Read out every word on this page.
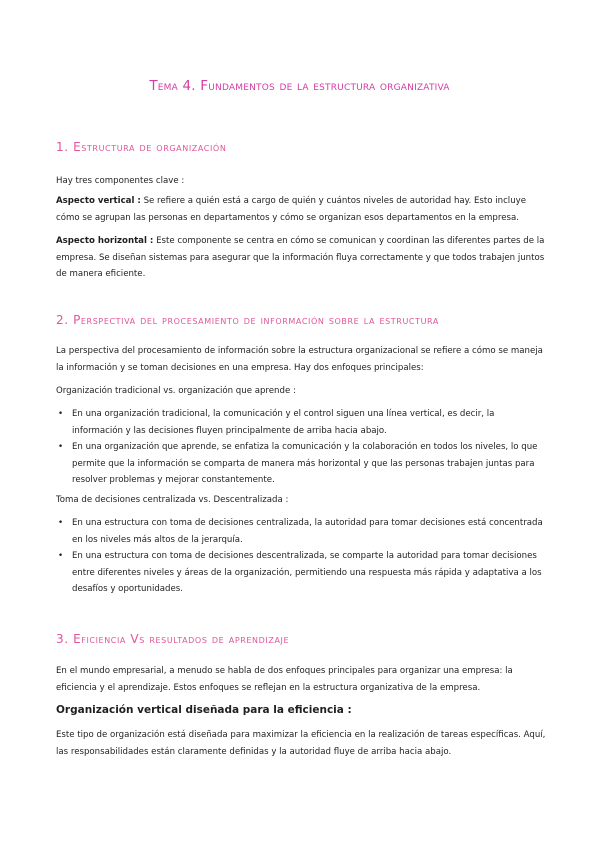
Tema 4. Fundamentos de la estructura organizativa
1. Estructura de organización
Hay tres componentes clave :
Aspecto vertical : Se refiere a quién está a cargo de quién y cuántos niveles de autoridad hay. Esto incluye cómo se agrupan las personas en departamentos y cómo se organizan esos departamentos en la empresa.
Aspecto horizontal : Este componente se centra en cómo se comunican y coordinan las diferentes partes de la empresa. Se diseñan sistemas para asegurar que la información fluya correctamente y que todos trabajen juntos de manera eficiente.
2. Perspectiva del procesamiento de información sobre la estructura
La perspectiva del procesamiento de información sobre la estructura organizacional se refiere a cómo se maneja la información y se toman decisiones en una empresa. Hay dos enfoques principales:
Organización tradicional vs. organización que aprende :
• En una organización tradicional, la comunicación y el control siguen una línea vertical, es decir, la información y las decisiones fluyen principalmente de arriba hacia abajo.
• En una organización que aprende, se enfatiza la comunicación y la colaboración en todos los niveles, lo que permite que la información se comparta de manera más horizontal y que las personas trabajen juntas para resolver problemas y mejorar constantemente.
Toma de decisiones centralizada vs. Descentralizada :
• En una estructura con toma de decisiones centralizada, la autoridad para tomar decisiones está concentrada en los niveles más altos de la jerarquía.
• En una estructura con toma de decisiones descentralizada, se comparte la autoridad para tomar decisiones entre diferentes niveles y áreas de la organización, permitiendo una respuesta más rápida y adaptativa a los desafíos y oportunidades.
3. Eficiencia Vs resultados de aprendizaje
En el mundo empresarial, a menudo se habla de dos enfoques principales para organizar una empresa: la eficiencia y el aprendizaje. Estos enfoques se reflejan en la estructura organizativa de la empresa.
Organización vertical diseñada para la eficiencia :
Este tipo de organización está diseñada para maximizar la eficiencia en la realización de tareas específicas. Aquí, las responsabilidades están claramente definidas y la autoridad fluye de arriba hacia abajo.
